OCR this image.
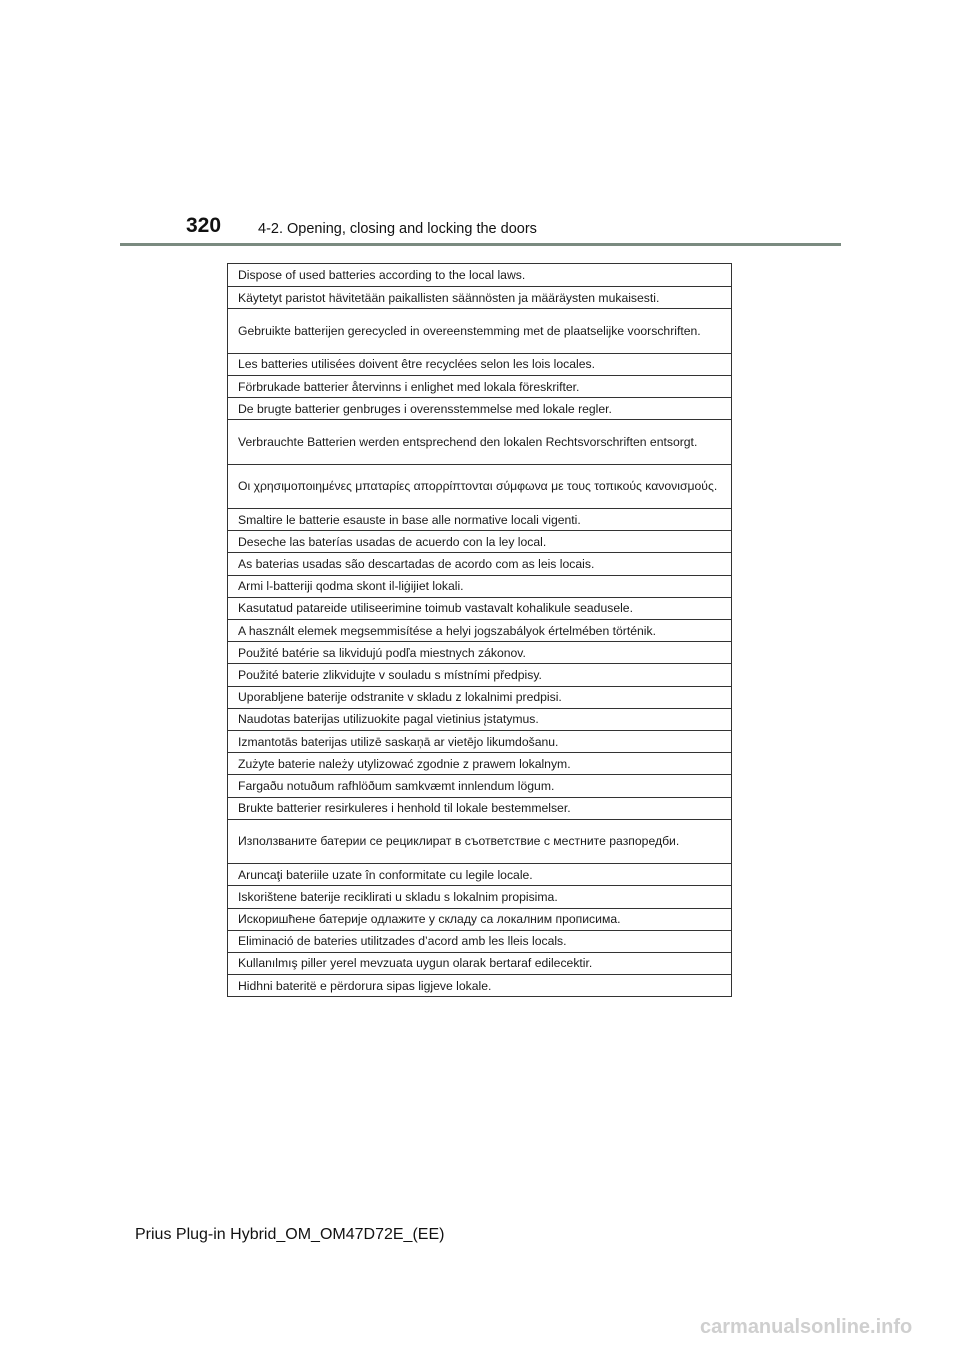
320	4-2. Opening, closing and locking the doors
Dispose of used batteries according to the local laws.
Käytetyt paristot hävitetään paikallisten säännösten ja määräysten mukaisesti.
Gebruikte batterijen gerecycled in overeenstemming met de plaatselijke voorschriften.
Les batteries utilisées doivent être recyclées selon les lois locales.
Förbrukade batterier återvinns i enlighet med lokala föreskrifter.
De brugte batterier genbruges i overensstemmelse med lokale regler.
Verbrauchte Batterien werden entsprechend den lokalen Rechtsvorschriften entsorgt.
Οι χρησιμοποιημένες μπαταρίες απορρίπτονται σύμφωνα με τους τοπικούς κανονισμούς.
Smaltire le batterie esauste in base alle normative locali vigenti.
Deseche las baterías usadas de acuerdo con la ley local.
As baterias usadas são descartadas de acordo com as leis locais.
Armi l-batteriji qodma skont il-liġijiet lokali.
Kasutatud patareide utiliseerimine toimub vastavalt kohalikule seadusele.
A használt elemek megsemmisítése a helyi jogszabályok értelmében történik.
Použité batérie sa likvidujú podľa miestnych zákonov.
Použité baterie zlikvidujte v souladu s místními předpisy.
Uporabljene baterije odstranite v skladu z lokalnimi predpisi.
Naudotas baterijas utilizuokite pagal vietinius įstatymus.
Izmantotās baterijas utilizē saskaņā ar vietējo likumdošanu.
Zużyte baterie należy utylizować zgodnie z prawem lokalnym.
Fargaðu notuðum rafhlöðum samkvæmt innlendum lögum.
Brukte batterier resirkuleres i henhold til lokale bestemmelser.
Използваните батерии се рециклират в съответствие с местните разпоредби.
Aruncaţi bateriile uzate în conformitate cu legile locale.
Iskorištene baterije reciklirati u skladu s lokalnim propisima.
Искоришћене батерије одлажите у складу са локалним прописима.
Eliminació de bateries utilitzades d’acord amb les lleis locals.
Kullanılmış piller yerel mevzuata uygun olarak bertaraf edilecektir.
Hidhni bateritë e përdorura sipas ligjeve lokale.
Prius Plug-in Hybrid_OM_OM47D72E_(EE)
carmanualsonline.info
